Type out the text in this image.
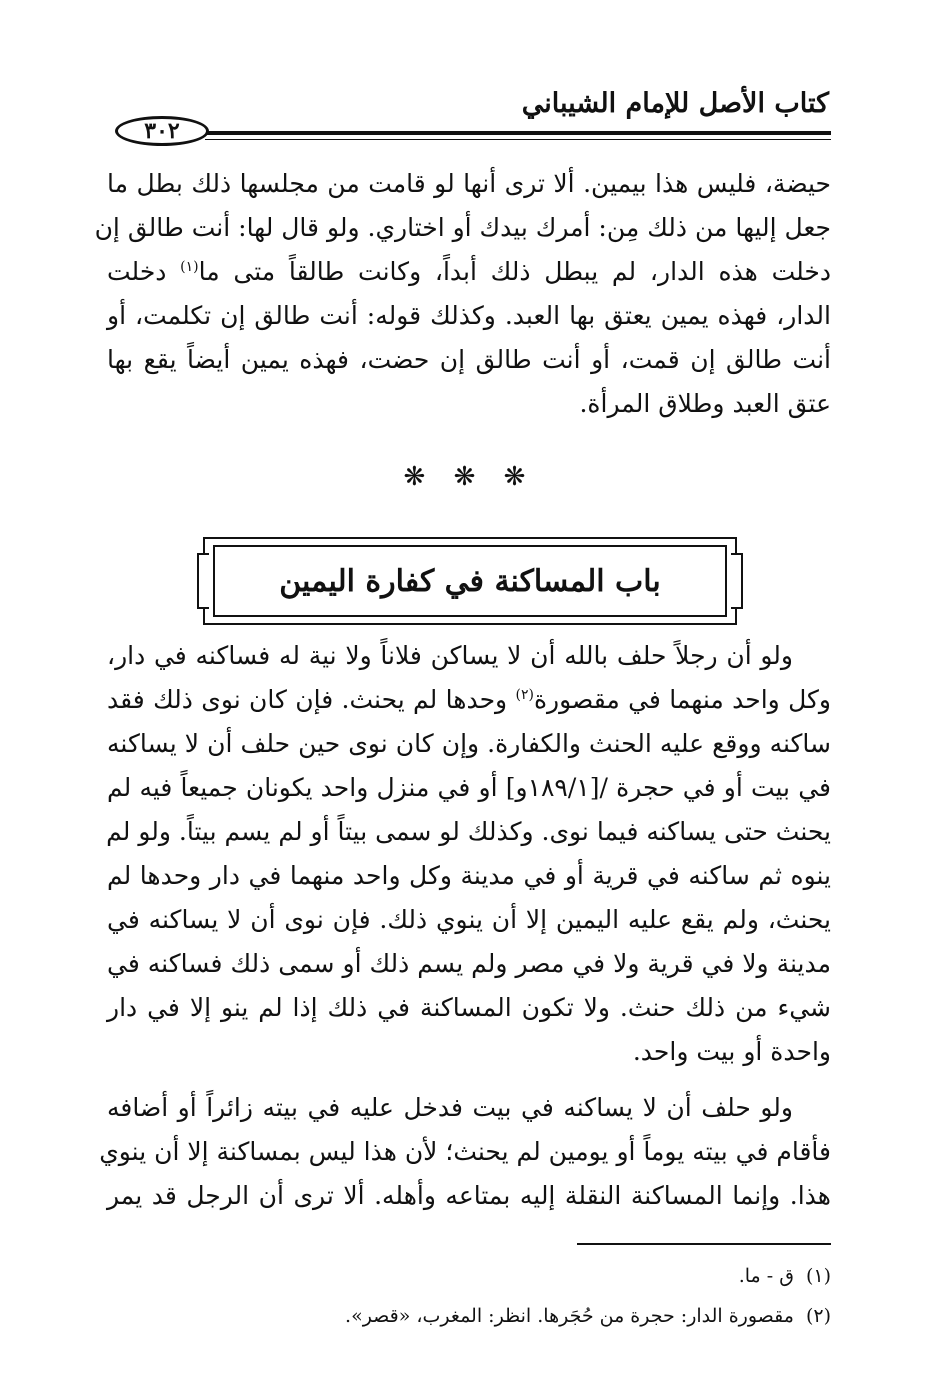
كتاب الأصل للإمام الشيباني
٣٠٢
حيضة، فليس هذا بيمين. ألا ترى أنها لو قامت من مجلسها ذلك بطل ما
جعل إليها من ذلك مِن: أمرك بيدك أو اختاري. ولو قال لها: أنت طالق إن
دخلت هذه الدار، لم يبطل ذلك أبداً، وكانت طالقاً متى ما$^{(١)}$ دخلت
الدار، فهذه يمين يعتق بها العبد. وكذلك قوله: أنت طالق إن تكلمت، أو
أنت طالق إن قمت، أو أنت طالق إن حضت، فهذه يمين أيضاً يقع بها
عتق العبد وطلاق المرأة.
❋ ❋ ❋
باب المساكنة في كفارة اليمين
ولو أن رجلاً حلف بالله أن لا يساكن فلاناً ولا نية له فساكنه في دار،
وكل واحد منهما في مقصورة$^{(٢)}$ وحدها لم يحنث. فإن كان نوى ذلك فقد
ساكنه ووقع عليه الحنث والكفارة. وإن كان نوى حين حلف أن لا يساكنه
في بيت أو في حجرة /[١٨٩/١و] أو في منزل واحد يكونان جميعاً فيه لم
يحنث حتى يساكنه فيما نوى. وكذلك لو سمى بيتاً أو لم يسم بيتاً. ولو لم
ينوه ثم ساكنه في قرية أو في مدينة وكل واحد منهما في دار وحدها لم
يحنث، ولم يقع عليه اليمين إلا أن ينوي ذلك. فإن نوى أن لا يساكنه في
مدينة ولا في قرية ولا في مصر ولم يسم ذلك أو سمى ذلك فساكنه في
شيء من ذلك حنث. ولا تكون المساكنة في ذلك إذا لم ينو إلا في دار
واحدة أو بيت واحد.
ولو حلف أن لا يساكنه في بيت فدخل عليه في بيته زائراً أو أضافه
فأقام في بيته يوماً أو يومين لم يحنث؛ لأن هذا ليس بمساكنة إلا أن ينوي
هذا. وإنما المساكنة النقلة إليه بمتاعه وأهله. ألا ترى أن الرجل قد يمر
(١)ق - ما.
(٢)مقصورة الدار: حجرة من حُجَرها. انظر: المغرب، «قصر».
